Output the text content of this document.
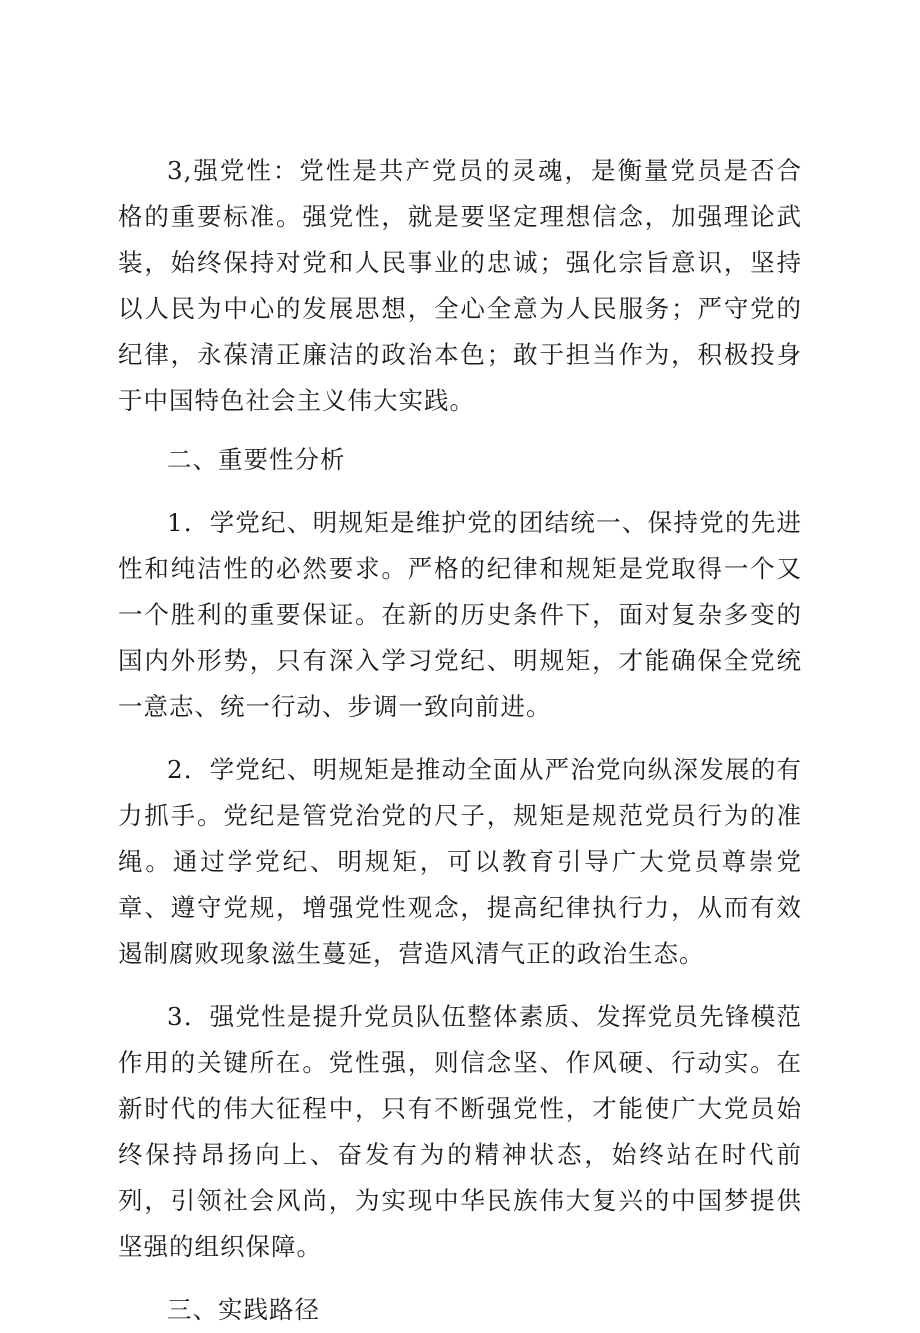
3,强党性：党性是共产党员的灵魂，是衡量党员是否合格的重要标准。强党性，就是要坚定理想信念，加强理论武装，始终保持对党和人民事业的忠诚；强化宗旨意识，坚持以人民为中心的发展思想，全心全意为人民服务；严守党的纪律，永葆清正廉洁的政治本色；敢于担当作为，积极投身于中国特色社会主义伟大实践。

二、重要性分析

1．学党纪、明规矩是维护党的团结统一、保持党的先进性和纯洁性的必然要求。严格的纪律和规矩是党取得一个又一个胜利的重要保证。在新的历史条件下，面对复杂多变的国内外形势，只有深入学习党纪、明规矩，才能确保全党统一意志、统一行动、步调一致向前进。

2．学党纪、明规矩是推动全面从严治党向纵深发展的有力抓手。党纪是管党治党的尺子，规矩是规范党员行为的准绳。通过学党纪、明规矩，可以教育引导广大党员尊崇党章、遵守党规，增强党性观念，提高纪律执行力，从而有效遏制腐败现象滋生蔓延，营造风清气正的政治生态。

3．强党性是提升党员队伍整体素质、发挥党员先锋模范作用的关键所在。党性强，则信念坚、作风硬、行动实。在新时代的伟大征程中，只有不断强党性，才能使广大党员始终保持昂扬向上、奋发有为的精神状态，始终站在时代前列，引领社会风尚，为实现中华民族伟大复兴的中国梦提供坚强的组织保障。

三、实践路径
